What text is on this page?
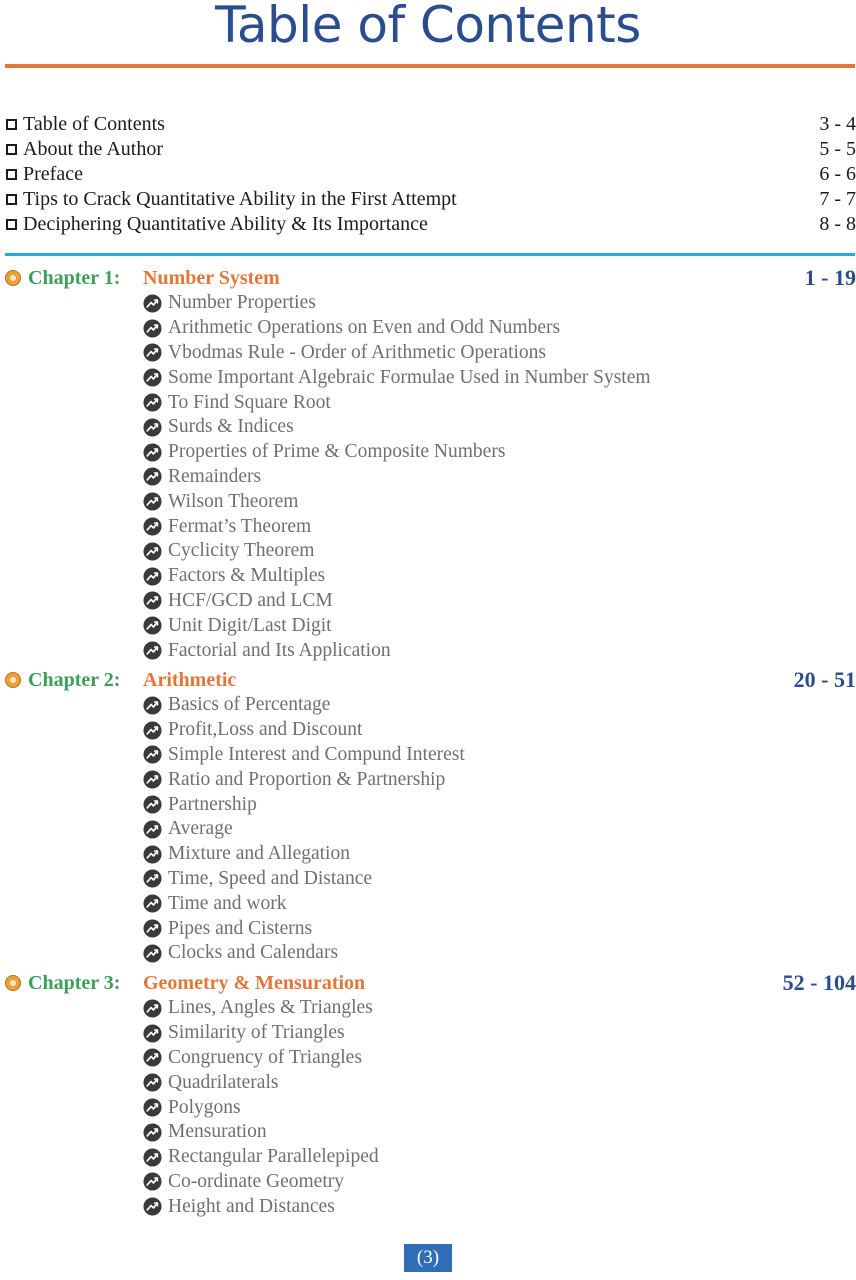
Table of Contents
Table of Contents	3 - 4
About the Author	5 - 5
Preface	6 - 6
Tips to Crack Quantitative Ability in the First Attempt	7 - 7
Deciphering Quantitative Ability & Its Importance	8 - 8
Chapter 1:	Number System	1 - 19
Number Properties
Arithmetic Operations on Even and Odd Numbers
Vbodmas Rule - Order of Arithmetic Operations
Some Important Algebraic Formulae Used in Number System
To Find Square Root
Surds & Indices
Properties of Prime & Composite Numbers
Remainders
Wilson Theorem
Fermat’s Theorem
Cyclicity Theorem
Factors & Multiples
HCF/GCD and LCM
Unit Digit/Last Digit
Factorial and Its Application
Chapter 2:	Arithmetic	20 - 51
Basics of Percentage
Profit,Loss and Discount
Simple Interest and Compund Interest
Ratio and Proportion & Partnership
Partnership
Average
Mixture and Allegation
Time, Speed and Distance
Time and work
Pipes and Cisterns
Clocks and Calendars
Chapter 3:	Geometry & Mensuration	52 - 104
Lines, Angles & Triangles
Similarity of Triangles
Congruency of Triangles
Quadrilaterals
Polygons
Mensuration
Rectangular Parallelepiped
Co-ordinate Geometry
Height and Distances
(3)
